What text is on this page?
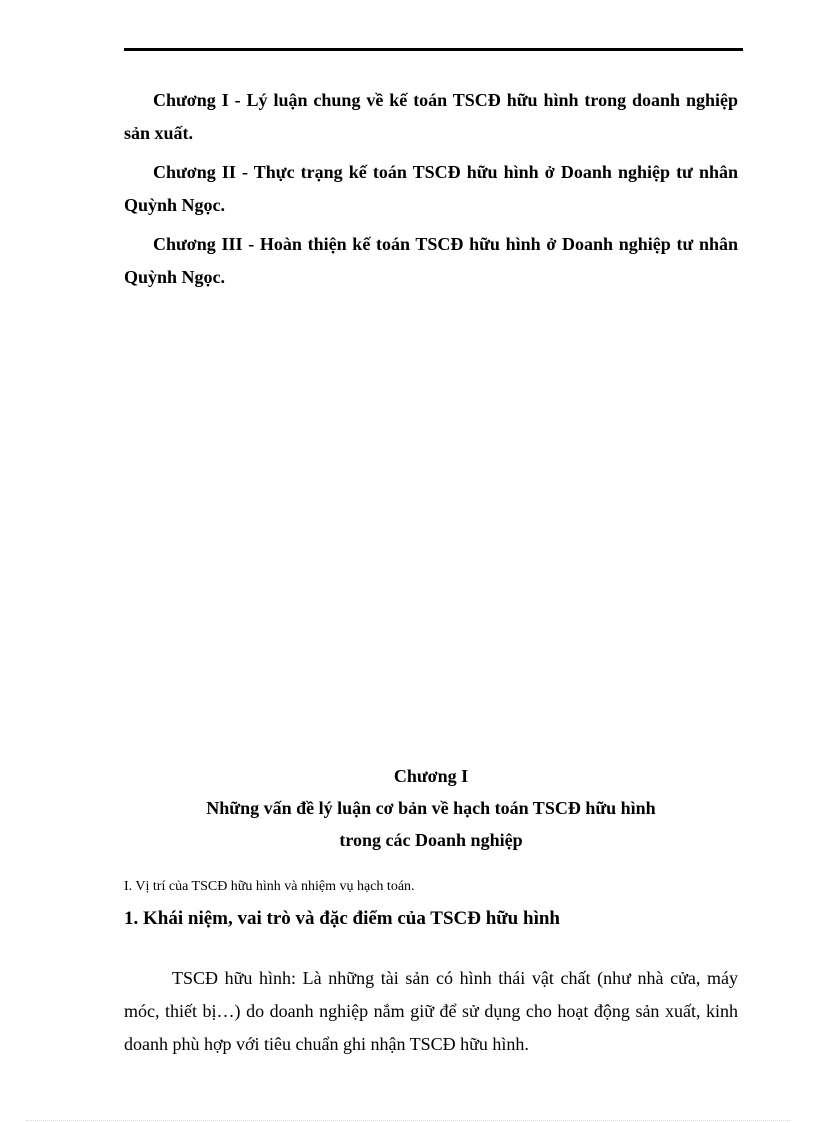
Chương I - Lý luận chung về kế toán TSCĐ hữu hình trong doanh nghiệp sản xuất.

Chương II - Thực trạng kế toán TSCĐ hữu hình ở Doanh nghiệp tư nhân Quỳnh Ngọc.

Chương III - Hoàn thiện kế toán TSCĐ hữu hình ở Doanh nghiệp tư nhân Quỳnh Ngọc.

Chương I
Những vấn đề lý luận cơ bản về hạch toán TSCĐ hữu hình trong các Doanh nghiệp
I. Vị trí của TSCĐ hữu hình và nhiệm vụ hạch toán.
1. Khái niệm, vai trò và đặc điểm của TSCĐ hữu hình

TSCĐ hữu hình: Là những tài sản có hình thái vật chất (như nhà cửa, máy móc, thiết bị…) do doanh nghiệp nắm giữ để sử dụng cho hoạt động sản xuất, kinh doanh phù hợp với tiêu chuẩn ghi nhận TSCĐ hữu hình.
